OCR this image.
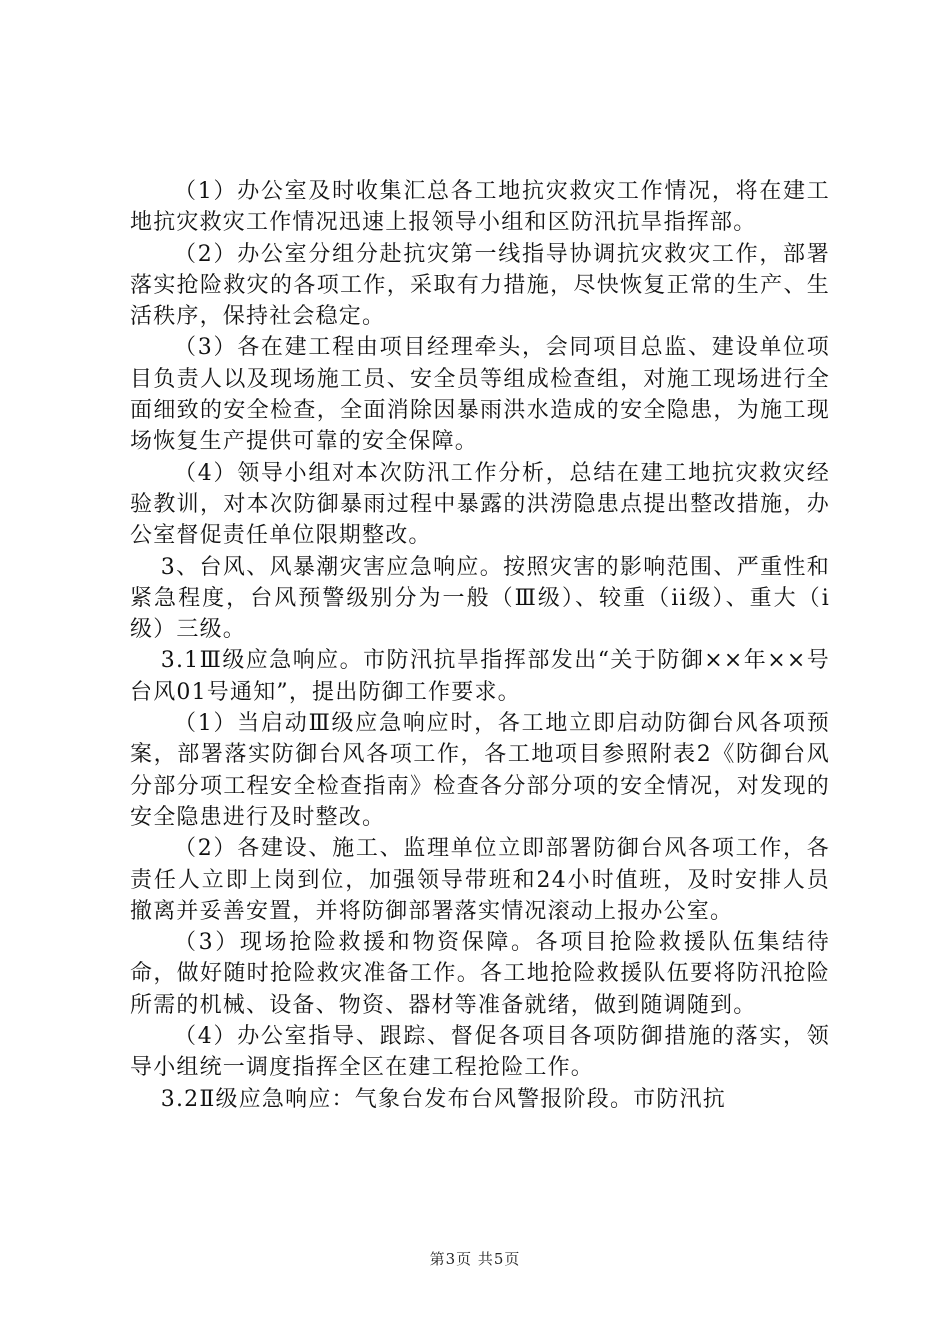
（1）办公室及时收集汇总各工地抗灾救灾工作情况，将在建工地抗灾救灾工作情况迅速上报领导小组和区防汛抗旱指挥部。

（2）办公室分组分赴抗灾第一线指导协调抗灾救灾工作，部署落实抢险救灾的各项工作，采取有力措施，尽快恢复正常的生产、生活秩序，保持社会稳定。

（3）各在建工程由项目经理牵头，会同项目总监、建设单位项目负责人以及现场施工员、安全员等组成检查组，对施工现场进行全面细致的安全检查，全面消除因暴雨洪水造成的安全隐患，为施工现场恢复生产提供可靠的安全保障。

（4）领导小组对本次防汛工作分析，总结在建工地抗灾救灾经验教训，对本次防御暴雨过程中暴露的洪涝隐患点提出整改措施，办公室督促责任单位限期整改。

3、台风、风暴潮灾害应急响应。按照灾害的影响范围、严重性和紧急程度，台风预警级别分为一般（Ⅲ级）、较重（ii级）、重大（i级）三级。

3.1Ⅲ级应急响应。市防汛抗旱指挥部发出“关于防御××年××号台风01号通知”，提出防御工作要求。

（1）当启动Ⅲ级应急响应时，各工地立即启动防御台风各项预案，部署落实防御台风各项工作，各工地项目参照附表2《防御台风分部分项工程安全检查指南》检查各分部分项的安全情况，对发现的安全隐患进行及时整改。

（2）各建设、施工、监理单位立即部署防御台风各项工作，各责任人立即上岗到位，加强领导带班和24小时值班，及时安排人员撤离并妥善安置，并将防御部署落实情况滚动上报办公室。

（3）现场抢险救援和物资保障。各项目抢险救援队伍集结待命，做好随时抢险救灾准备工作。各工地抢险救援队伍要将防汛抢险所需的机械、设备、物资、器材等准备就绪，做到随调随到。

（4）办公室指导、跟踪、督促各项目各项防御措施的落实，领导小组统一调度指挥全区在建工程抢险工作。

3.2Ⅱ级应急响应：气象台发布台风警报阶段。市防汛抗

第3页 共5页
